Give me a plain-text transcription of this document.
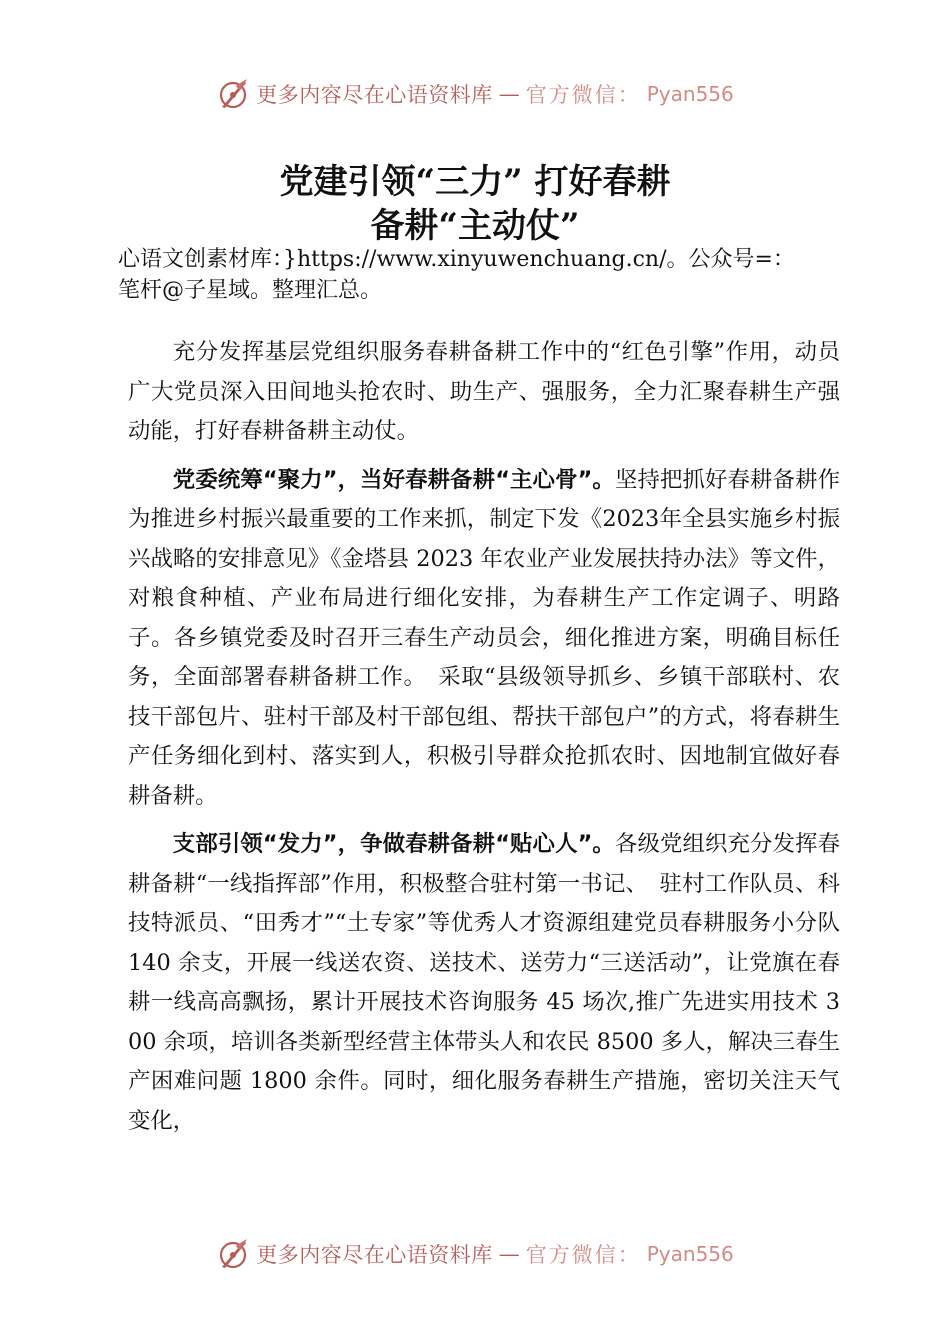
更多内容尽在心语资料库 — 官方微信： Pyan556
党建引领“三力” 打好春耕
备耕“主动仗”
心语文创素材库：}https://www.xinyuwenchuang.cn/。公众号=：
笔杆@子星域。整理汇总。

充分发挥基层党组织服务春耕备耕工作中的“红色引擎”作用，动员广大党员深入田间地头抢农时、助生产、强服务，全力汇聚春耕生产强动能，打好春耕备耕主动仗。

党委统筹“聚力”，当好春耕备耕“主心骨”。坚持把抓好春耕备耕作为推进乡村振兴最重要的工作来抓，制定下发《2023年全县实施乡村振兴战略的安排意见》《金塔县 2023 年农业产业发展扶持办法》等文件，对粮食种植、产业布局进行细化安排，为春耕生产工作定调子、明路子。各乡镇党委及时召开三春生产动员会，细化推进方案，明确目标任务，全面部署春耕备耕工作。　采取“县级领导抓乡、乡镇干部联村、农技干部包片、驻村干部及村干部包组、帮扶干部包户”的方式，将春耕生产任务细化到村、落实到人，积极引导群众抢抓农时、因地制宜做好春耕备耕。

支部引领“发力”，争做春耕备耕“贴心人”。各级党组织充分发挥春耕备耕“一线指挥部”作用，积极整合驻村第一书记、　驻村工作队员、科技特派员、“田秀才”“土专家”等优秀人才资源组建党员春耕服务小分队 140 余支，开展一线送农资、送技术、送劳力“三送活动”，让党旗在春耕一线高高飘扬，累计开展技术咨询服务 45 场次,推广先进实用技术 300 余项，培训各类新型经营主体带头人和农民 8500 多人，解决三春生产困难问题 1800 余件。同时，细化服务春耕生产措施，密切关注天气变化，

更多内容尽在心语资料库 — 官方微信： Pyan556
